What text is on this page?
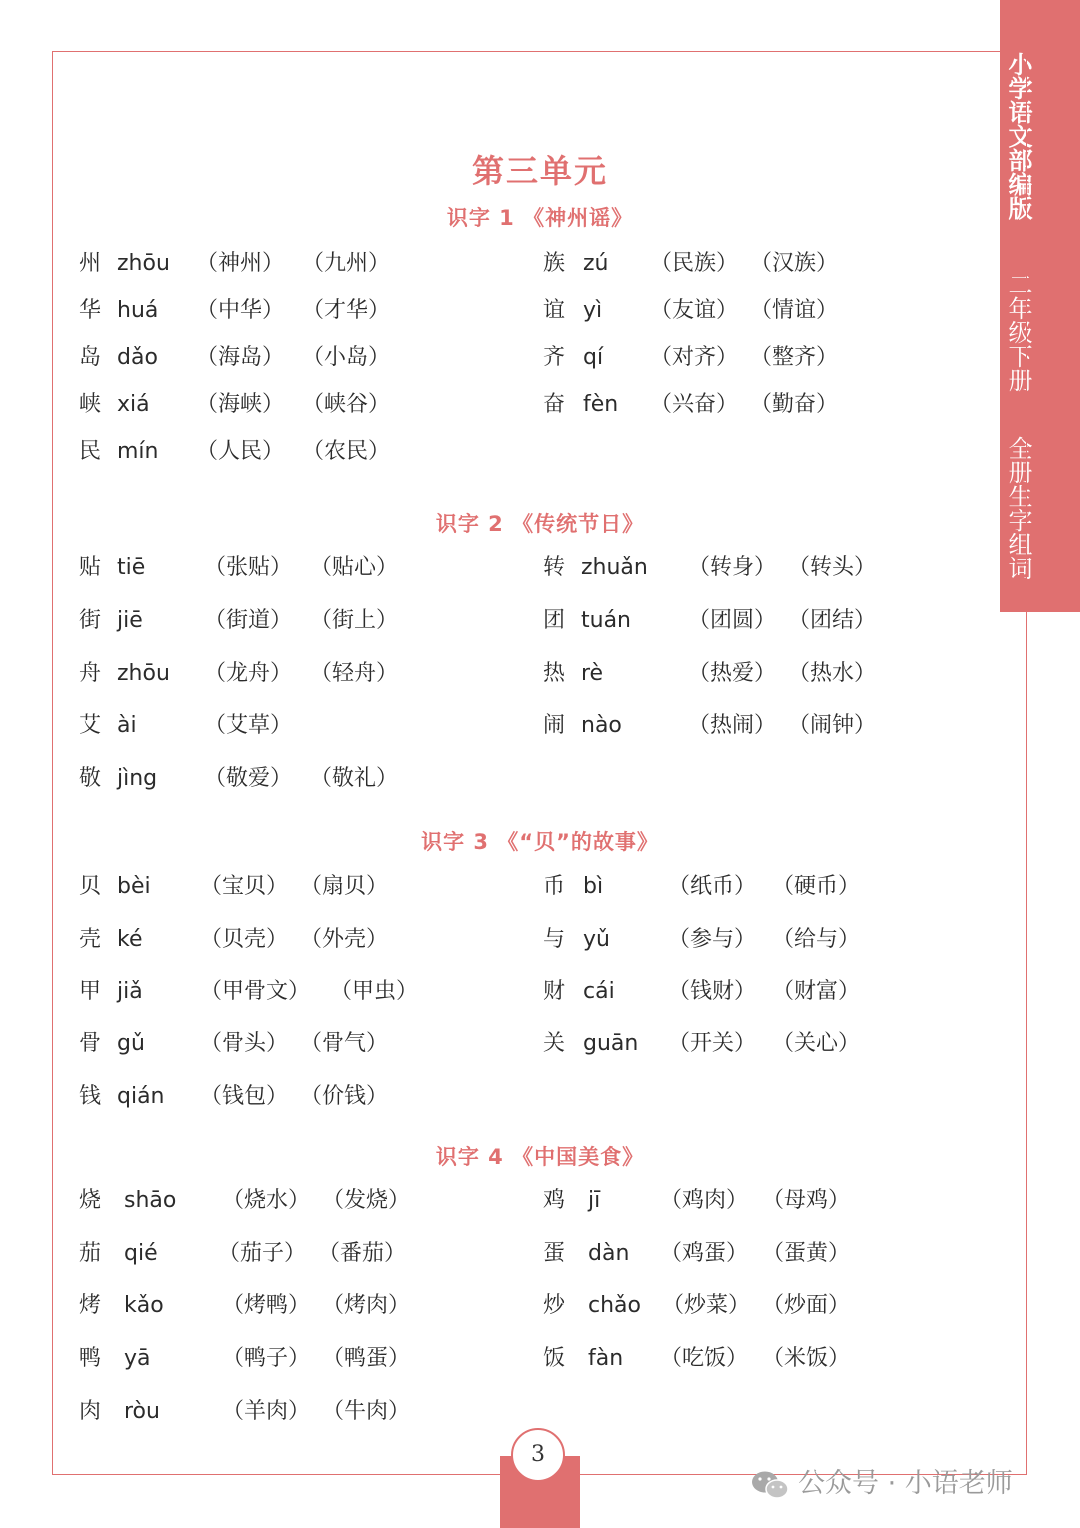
小学语文部编版
二年级下册
全册生字组词
第三单元
识字 1 《神州谣》
州 zhōu （神州） （九州）	族 zú （民族） （汉族）
华 huá （中华） （才华）	谊 yì （友谊） （情谊）
岛 dǎo （海岛） （小岛）	齐 qí （对齐） （整齐）
峡 xiá （海峡） （峡谷）	奋 fèn （兴奋） （勤奋）
民 mín （人民） （农民）
识字 2 《传统节日》
贴 tiē	（张贴） （贴心）	转 zhuǎn （转身） （转头）
街 jiē	（街道） （街上）	团 tuán	（团圆） （团结）
舟 zhōu （龙舟） （轻舟）	热 rè	（热爱） （热水）
艾 ài	（艾草）	闹 nào	（热闹） （闹钟）
敬 jìng （敬爱） （敬礼）
识字 3 《“贝”的故事》
贝 bèi （宝贝） （扇贝）	币 bì	（纸币） （硬币）
壳 ké	（贝壳） （外壳）	与 yǔ	（参与） （给与）
甲 jiǎ	（甲骨文） （甲虫）	财 cái （钱财） （财富）
骨 gǔ	（骨头） （骨气）	关 guān （开关） （关心）
钱 qián （钱包） （价钱）
识字 4 《中国美食》
烧 shāo （烧水） （发烧）	鸡 jī	（鸡肉） （母鸡）
茄 qié	（茄子） （番茄）	蛋 dàn （鸡蛋） （蛋黄）
烤 kǎo	（烤鸭） （烤肉）	炒 chǎo （炒菜） （炒面）
鸭 yā	（鸭子） （鸭蛋）	饭 fàn （吃饭） （米饭）
肉 ròu	（羊肉） （牛肉）
3
公众号 · 小语老师
